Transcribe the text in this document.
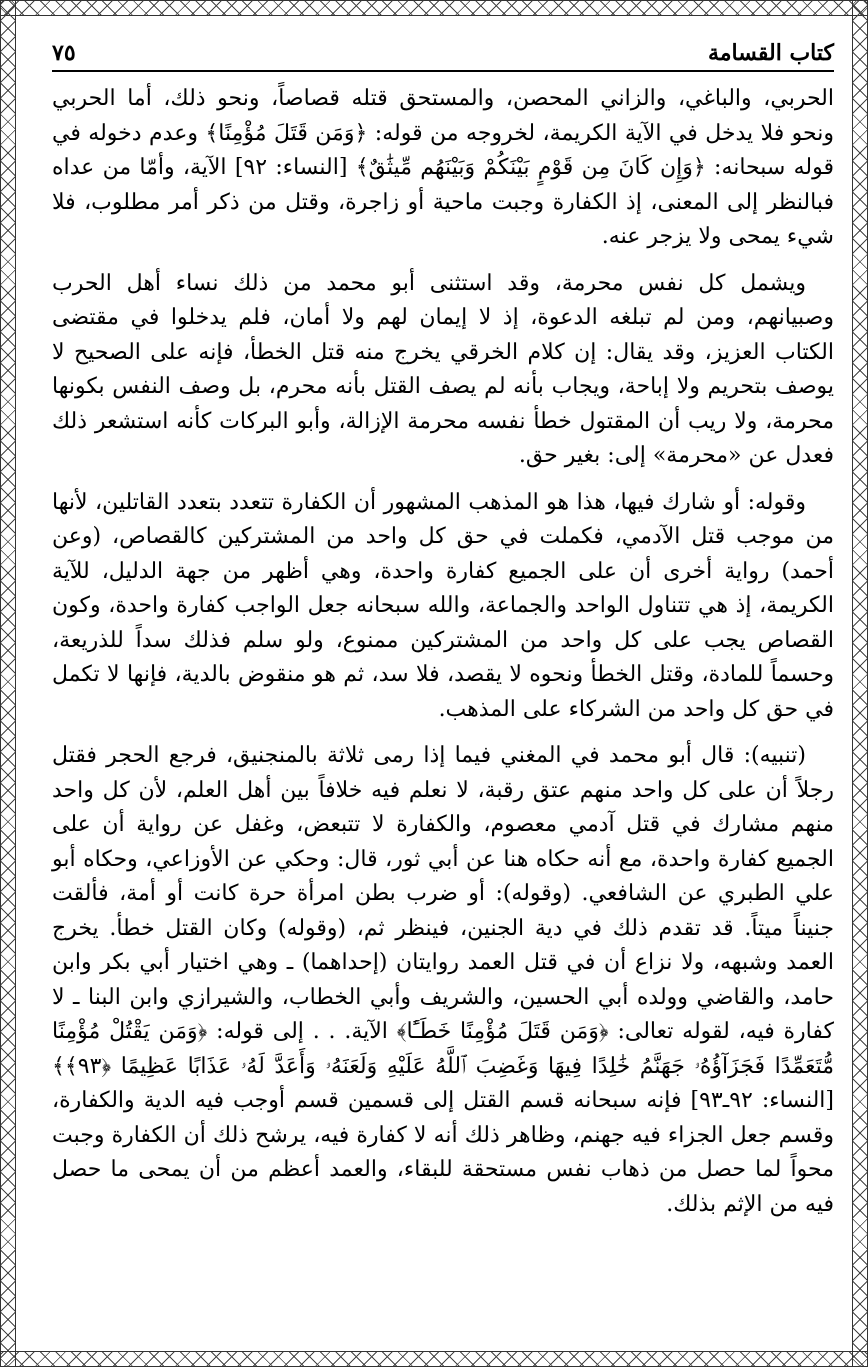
كتاب القسامة
٧٥

الحربي، والباغي، والزاني المحصن، والمستحق قتله قصاصاً، ونحو ذلك، أما الحربي ونحو فلا يدخل في الآية الكريمة، لخروجه من قوله: ﴿وَمَن قَتَلَ مُؤْمِنًا﴾ وعدم دخوله في قوله سبحانه: ﴿وَإِن كَانَ مِن قَوْمٍ بَيْنَكُمْ وَبَيْنَهُم مِّيثَٰقٌ﴾ [النساء: ٩٢] الآية، وأمّا من عداه فبالنظر إلى المعنى، إذ الكفارة وجبت ماحية أو زاجرة، وقتل من ذكر أمر مطلوب، فلا شيء يمحى ولا يزجر عنه.

ويشمل كل نفس محرمة، وقد استثنى أبو محمد من ذلك نساء أهل الحرب وصبيانهم، ومن لم تبلغه الدعوة، إذ لا إيمان لهم ولا أمان، فلم يدخلوا في مقتضى الكتاب العزيز، وقد يقال: إن كلام الخرقي يخرج منه قتل الخطأ، فإنه على الصحيح لا يوصف بتحريم ولا إباحة، ويجاب بأنه لم يصف القتل بأنه محرم، بل وصف النفس بكونها محرمة، ولا ريب أن المقتول خطأ نفسه محرمة الإزالة، وأبو البركات كأنه استشعر ذلك فعدل عن «محرمة» إلى: بغير حق.

وقوله: أو شارك فيها، هذا هو المذهب المشهور أن الكفارة تتعدد بتعدد القاتلين، لأنها من موجب قتل الآدمي، فكملت في حق كل واحد من المشتركين كالقصاص، (وعن أحمد) رواية أخرى أن على الجميع كفارة واحدة، وهي أظهر من جهة الدليل، للآية الكريمة، إذ هي تتناول الواحد والجماعة، والله سبحانه جعل الواجب كفارة واحدة، وكون القصاص يجب على كل واحد من المشتركين ممنوع، ولو سلم فذلك سداً للذريعة، وحسماً للمادة، وقتل الخطأ ونحوه لا يقصد، فلا سد، ثم هو منقوض بالدية، فإنها لا تكمل في حق كل واحد من الشركاء على المذهب.

(تنبيه): قال أبو محمد في المغني فيما إذا رمى ثلاثة بالمنجنيق، فرجع الحجر فقتل رجلاً أن على كل واحد منهم عتق رقبة، لا نعلم فيه خلافاً بين أهل العلم، لأن كل واحد منهم مشارك في قتل آدمي معصوم، والكفارة لا تتبعض، وغفل عن رواية أن على الجميع كفارة واحدة، مع أنه حكاه هنا عن أبي ثور، قال: وحكي عن الأوزاعي، وحكاه أبو علي الطبري عن الشافعي. (وقوله): أو ضرب بطن امرأة حرة كانت أو أمة، فألقت جنيناً ميتاً. قد تقدم ذلك في دية الجنين، فينظر ثم، (وقوله) وكان القتل خطأ. يخرج العمد وشبهه، ولا نزاع أن في قتل العمد روايتان (إحداهما) ـ وهي اختيار أبي بكر وابن حامد، والقاضي وولده أبي الحسين، والشريف وأبي الخطاب، والشيرازي وابن البنا ـ لا كفارة فيه، لقوله تعالى: ﴿وَمَن قَتَلَ مُؤْمِنًا خَطَـًٔا﴾ الآية. . . إلى قوله: ﴿وَمَن يَقْتُلْ مُؤْمِنًا مُّتَعَمِّدًا فَجَزَآؤُهُۥ جَهَنَّمُ خَٰلِدًا فِيهَا وَغَضِبَ ٱللَّهُ عَلَيْهِ وَلَعَنَهُۥ وَأَعَدَّ لَهُۥ عَذَابًا عَظِيمًا ﴿٩٣﴾﴾ [النساء: ٩٢ـ٩٣] فإنه سبحانه قسم القتل إلى قسمين قسم أوجب فيه الدية والكفارة، وقسم جعل الجزاء فيه جهنم، وظاهر ذلك أنه لا كفارة فيه، يرشح ذلك أن الكفارة وجبت محواً لما حصل من ذهاب نفس مستحقة للبقاء، والعمد أعظم من أن يمحى ما حصل فيه من الإثم بذلك.
